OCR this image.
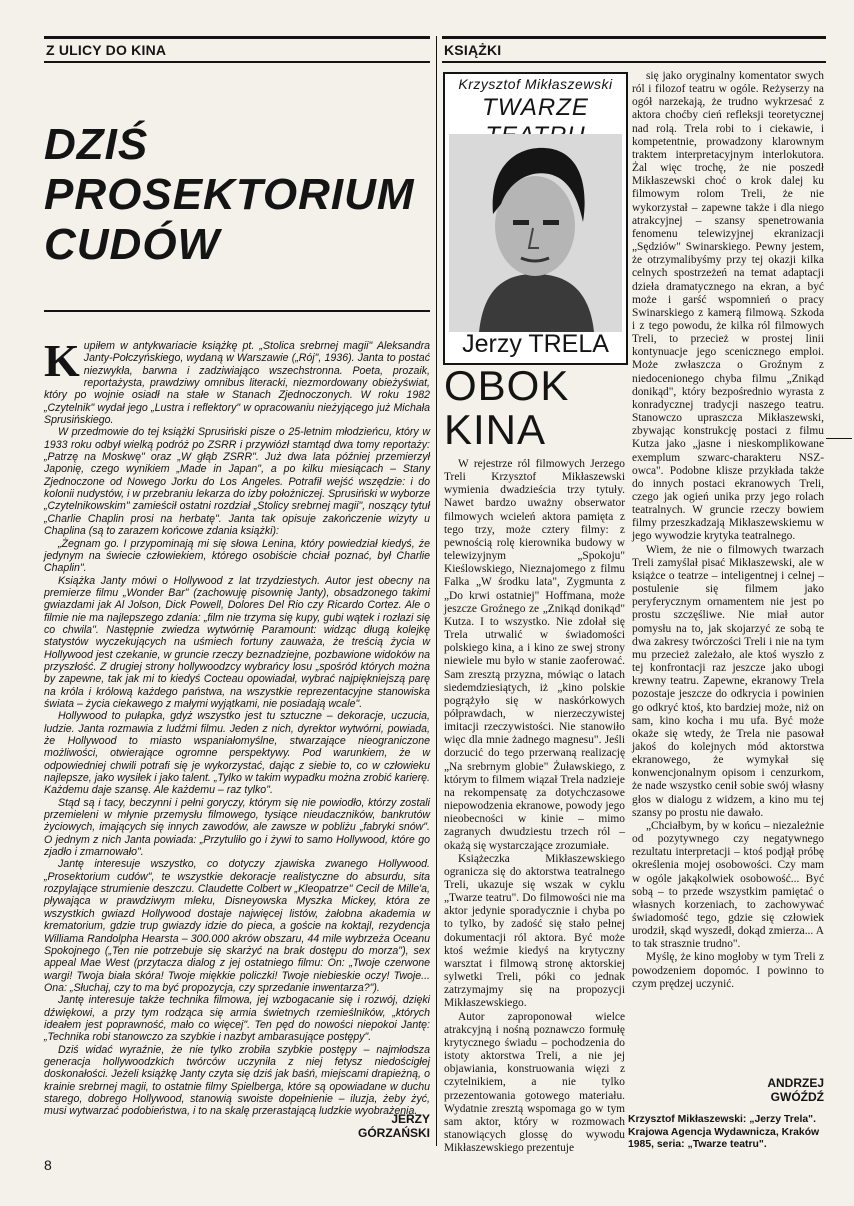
Z ULICY DO KINA	KSIĄŻKI
DZIŚ
PROSEKTORIUM
CUDÓW

Kupiłem w antykwariacie książkę pt. „Stolica srebrnej magii" Aleksandra Janty-Połczyńskiego, wydaną w Warszawie („Rój", 1936). Janta to postać niezwykła, barwna i zadziwiająco wszechstronna. Poeta, prozaik, reportażysta, prawdziwy omnibus literacki, niezmordowany obieżyświat, który po wojnie osiadł na stałe w Stanach Zjednoczonych. W roku 1982 „Czytelnik" wydał jego „Lustra i reflektory" w opracowaniu nieżyjącego już Michała Sprusińskiego.

W przedmowie do tej książki Sprusiński pisze o 25-letnim młodzieńcu, który w 1933 roku odbył wielką podróż po ZSRR i przywiózł stamtąd dwa tomy reportaży: „Patrzę na Moskwę" oraz „W głąb ZSRR". Już dwa lata później przemierzył Japonię, czego wynikiem „Made in Japan", a po kilku miesiącach – Stany Zjednoczone od Nowego Jorku do Los Angeles. Potrafił wejść wszędzie: i do kolonii nudystów, i w przebraniu lekarza do izby położniczej. Sprusiński w wyborze „Czytelnikowskim" zamieścił ostatni rozdział „Stolicy srebrnej magii", noszący tytuł „Charlie Chaplin prosi na herbatę". Janta tak opisuje zakończenie wizyty u Chaplina (są to zarazem końcowe zdania książki):

„Żegnam go. I przypominają mi się słowa Lenina, który powiedział kiedyś, że jedynym na świecie człowiekiem, którego osobiście chciał poznać, był Charlie Chaplin".

Książka Janty mówi o Hollywood z lat trzydziestych. Autor jest obecny na premierze filmu „Wonder Bar" (zachowuję pisownię Janty), obsadzonego takimi gwiazdami jak Al Jolson, Dick Powell, Dolores Del Rio czy Ricardo Cortez. Ale o filmie nie ma najlepszego zdania: „film nie trzyma się kupy, gubi wątek i rozłazi się co chwila". Następnie zwiedza wytwórnię Paramount: widząc długą kolejkę statystów wyczekujących na uśmiech fortuny zauważa, że treścią życia w Hollywood jest czekanie, w gruncie rzeczy beznadziejne, pozbawione widoków na przyszłość. Z drugiej strony hollywoodzcy wybrańcy losu „spośród których można by zapewne, tak jak mi to kiedyś Cocteau opowiadał, wybrać najpiękniejszą parę na króla i królową każdego państwa, na wszystkie reprezentacyjne stanowiska świata – życia ciekawego z małymi wyjątkami, nie posiadają wcale".

Hollywood to pułapka, gdyż wszystko jest tu sztuczne – dekoracje, uczucia, ludzie. Janta rozmawia z ludźmi filmu. Jeden z nich, dyrektor wytwórni, powiada, że Hollywood to miasto wspaniałomyślne, stwarzające nieograniczone możliwości, otwierające ogromne perspektywy. Pod warunkiem, że w odpowiedniej chwili potrafi się je wykorzystać, dając z siebie to, co w człowieku najlepsze, jako wysiłek i jako talent. „Tylko w takim wypadku można zrobić karierę. Każdemu daje szansę. Ale każdemu – raz tylko".

Stąd są i tacy, beczynni i pełni goryczy, którym się nie powiodło, którzy zostali przemieleni w młynie przemysłu filmowego, tysiące nieudaczników, bankrutów życiowych, imających się innych zawodów, ale zawsze w pobliżu „fabryki snów". O jednym z nich Janta powiada: „Przytuliło go i żywi to samo Hollywood, które go zjadło i zmarnowało".

Jantę interesuje wszystko, co dotyczy zjawiska zwanego Hollywood. „Prosektorium cudów", te wszystkie dekoracje realistyczne do absurdu, sita rozpylające strumienie deszczu. Claudette Colbert w „Kleopatrze" Cecil de Mille'a, pływająca w prawdziwym mleku, Disneyowska Myszka Mickey, która ze wszystkich gwiazd Hollywood dostaje najwięcej listów, żałobna akademia w krematorium, gdzie trup gwiazdy idzie do pieca, a goście na koktajl, rezydencja Williama Randolpha Hearsta – 300.000 akrów obszaru, 44 mile wybrzeża Oceanu Spokojnego („Ten nie potrzebuje się skarżyć na brak dostępu do morza"), sex appeal Mae West (przytacza dialog z jej ostatniego filmu: On: „Twoje czerwone wargi! Twoja biała skóra! Twoje miękkie policzki! Twoje niebieskie oczy! Twoje... Ona: „Słuchaj, czy to ma być propozycja, czy sprzedanie inwentarza?").

Jantę interesuje także technika filmowa, jej wzbogacanie się i rozwój, dzięki dźwiękowi, a przy tym rodząca się armia świetnych rzemieślników, „których ideałem jest poprawność, mało co więcej". Ten pęd do nowości niepokoi Jantę: „Technika robi stanowczo za szybkie i nazbyt ambarasujące postępy".

Dziś widać wyraźnie, że nie tylko zrobiła szybkie postępy – najmłodsza generacja hollywoodzkich twórców uczyniła z niej fetysz niedościgłej doskonałości. Jeżeli książkę Janty czyta się dziś jak baśń, miejscami drapieżną, o krainie srebrnej magii, to ostatnie filmy Spielberga, które są opowiadane w duchu starego, dobrego Hollywood, stanowią swoiste dopełnienie – iluzja, żeby żyć, musi wytwarzać podobieństwa, i to na skalę przerastającą ludzkie wyobrażenia.

JERZY
GÓRZAŃSKI
Krzysztof Mikłaszewski
TWARZE
Jerzy TRELA
OBOK
KINA

W rejestrze ról filmowych Jerzego Treli Krzysztof Mikłaszewski wymienia dwadzieścia trzy tytuły. Nawet bardzo uważny obserwator filmowych wcieleń aktora pamięta z tego trzy, może cztery filmy: z pewnością rolę kierownika budowy w telewizyjnym „Spokoju" Kieślowskiego, Nieznajomego z filmu Falka „W środku lata", Zygmunta z „Do krwi ostatniej" Hoffmana, może jeszcze Groźnego ze „Znikąd donikąd" Kutza. I to wszystko. Nie zdołał się Trela utrwalić w świadomości polskiego kina, a i kino ze swej strony niewiele mu było w stanie zaoferować. Sam zresztą przyzna, mówiąc o latach siedemdziesiątych, iż „kino polskie pogrążyło się w naskórkowych półprawdach, w nierzeczywistej imitacji rzeczywistości. Nie stanowiło więc dla mnie żadnego magnesu". Jeśli dorzucić do tego przerwaną realizację „Na srebrnym globie" Żuławskiego, z którym to filmem wiązał Trela nadzieje na rekompensatę za dotychczasowe niepowodzenia ekranowe, powody jego nieobecności w kinie – mimo zagranych dwudziestu trzech ról – okażą się wystarczające zrozumiałe.

Książeczka Mikłaszewskiego ogranicza się do aktorstwa teatralnego Treli, ukazuje się wszak w cyklu „Twarze teatru". Do filmowości nie ma aktor jedynie sporadycznie i chyba po to tylko, by zadość się stało pełnej dokumentacji ról aktora. Być może ktoś weźmie kiedyś na krytyczny warsztat i filmową stronę aktorskiej sylwetki Treli, póki co jednak zatrzymajmy się na propozycji Mikłaszewskiego.

Autor zaproponował wielce atrakcyjną i nośną poznawczo formułę krytycznego świadu – pochodzenia do istoty aktorstwa Treli, a nie jej objawiania, konstruowania więzi z czytelnikiem, a nie tylko przezentowania gotowego materiału. Wydatnie zresztą wspomaga go w tym sam aktor, który w rozmowach stanowiących glossę do wywodu Mikłaszewskiego prezentuje

się jako oryginalny komentator swych ról i filozof teatru w ogóle. Reżyserzy na ogół narzekają, że trudno wykrzesać z aktora choćby cień refleksji teoretycznej nad rolą. Trela robi to i ciekawie, i kompetentnie, prowadzony klarownym traktem interpretacyjnym interlokutora. Żal więc trochę, że nie poszedł Mikłaszewski choć o krok dalej ku filmowym rolom Treli, że nie wykorzystał – zapewne także i dla niego atrakcyjnej – szansy spenetrowania fenomenu telewizyjnej ekranizacji „Sędziów" Swinarskiego. Pewny jestem, że otrzymalibyśmy przy tej okazji kilka celnych spostrzeżeń na temat adaptacji dzieła dramatycznego na ekran, a być może i garść wspomnień o pracy Swinarskiego z kamerą filmową. Szkoda i z tego powodu, że kilka ról filmowych Treli, to przecież w prostej linii kontynuacje jego scenicznego emploi. Może zwłaszcza o Groźnym z niedocenionego chyba filmu „Znikąd donikąd", który bezpośrednio wyrasta z konradycznej tradycji naszego teatru. Stanowczo upraszcza Mikłaszewski, zbywając konstrukcję postaci z filmu Kutza jako „jasne i nieskomplikowane exemplum szwarc-charakteru NSZ-owca". Podobne klisze przykłada także do innych postaci ekranowych Treli, czego jak ogień unika przy jego rolach teatralnych. W gruncie rzeczy bowiem filmy przeszkadzają Mikłaszewskiemu w jego wywodzie krytyka teatralnego.

Wiem, że nie o filmowych twarzach Treli zamyślał pisać Mikłaszewski, ale w książce o teatrze – inteligentnej i celnej – postulenie się filmem jako peryferycznym ornamentem nie jest po prostu szczęśliwe. Nie miał autor pomysłu na to, jak skojarzyć ze sobą te dwa zakresy twórczości Treli i nie na tym mu przecież zależało, ale ktoś wyszło z tej konfrontacji raz jeszcze jako ubogi krewny teatru. Zapewne, ekranowy Trela pozostaje jeszcze do odkrycia i powinien go odkryć ktoś, kto bardziej może, niż on sam, kino kocha i mu ufa. Być może okaże się wtedy, że Trela nie pasował jakoś do kolejnych mód aktorstwa ekranowego, że wymykał się konwencjonalnym opisom i cenzurkom, że nade wszystko cenił sobie swój własny głos w dialogu z widzem, a kino mu tej szansy po prostu nie dawało.

„Chciałbym, by w końcu – niezależnie od pozytywnego czy negatywnego rezultatu interpretacji – ktoś podjął próbę określenia mojej osobowości. Czy mam w ogóle jakąkolwiek osobowość... Być sobą – to przede wszystkim pamiętać o własnych korzeniach, to zachowywać świadomość tego, gdzie się człowiek urodził, skąd wyszedł, dokąd zmierza... A to tak strasznie trudno".

Myślę, że kino mogłoby w tym Treli z powodzeniem dopomóc. I powinno to czym prędzej uczynić.

ANDRZEJ
GWÓŹDŹ
Krzysztof Mikłaszewski: „Jerzy Trela". Krajowa Agencja Wydawnicza, Kraków 1985, seria: „Twarze teatru".
8
